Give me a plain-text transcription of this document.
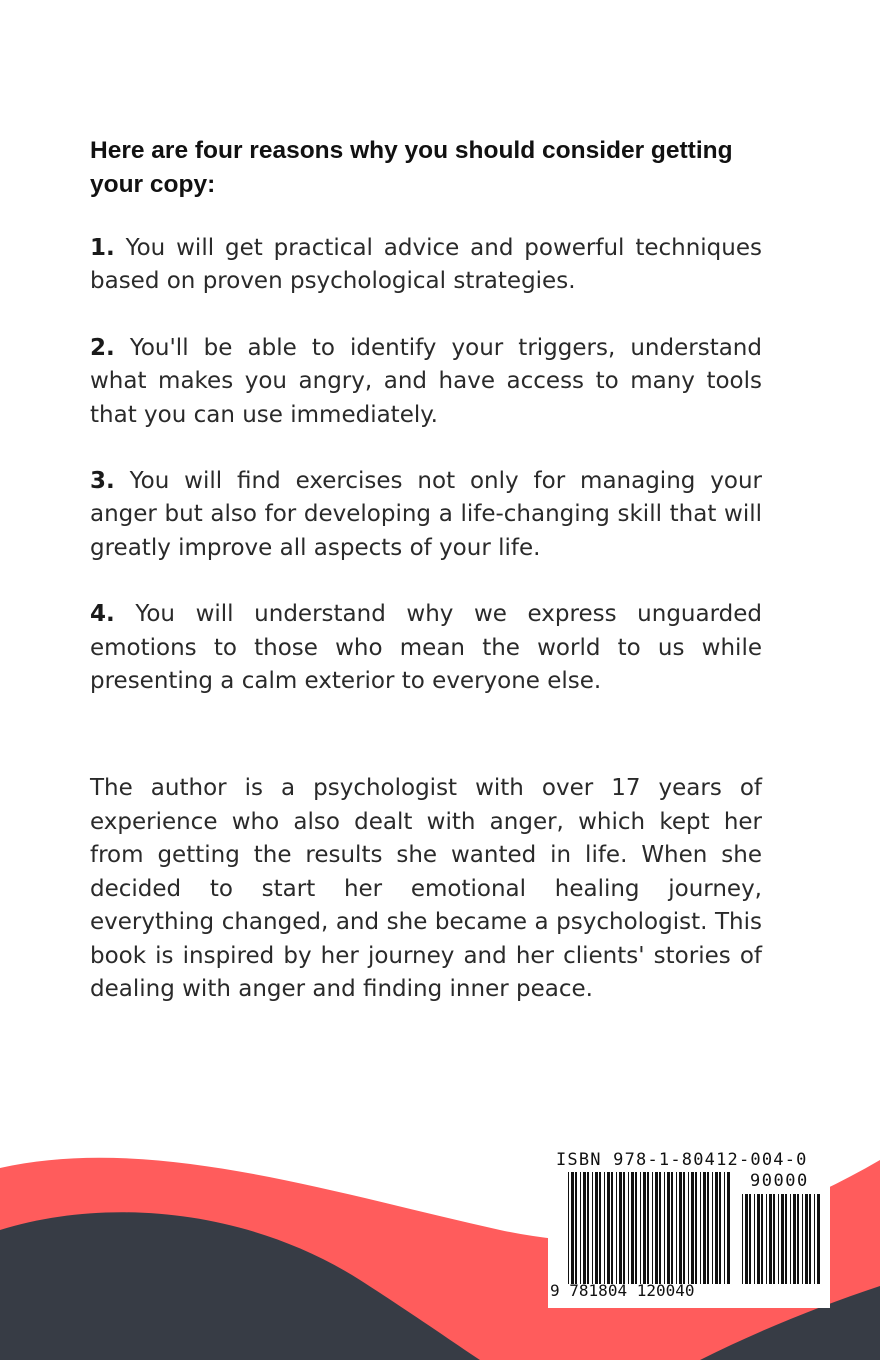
Here are four reasons why you should consider getting your copy:

1. You will get practical advice and powerful techniques based on proven psychological strategies.

2. You'll be able to identify your triggers, understand what makes you angry, and have access to many tools that you can use immediately.

3. You will find exercises not only for managing your anger but also for developing a life-changing skill that will greatly improve all aspects of your life.

4. You will understand why we express unguarded emotions to those who mean the world to us while presenting a calm exterior to everyone else.

The author is a psychologist with over 17 years of experience who also dealt with anger, which kept her from getting the results she wanted in life. When she decided to start her emotional healing journey, everything changed, and she became a psychologist. This book is inspired by her journey and her clients' stories of dealing with anger and finding inner peace.

ISBN 978-1-80412-004-0
90000
9 781804 120040
